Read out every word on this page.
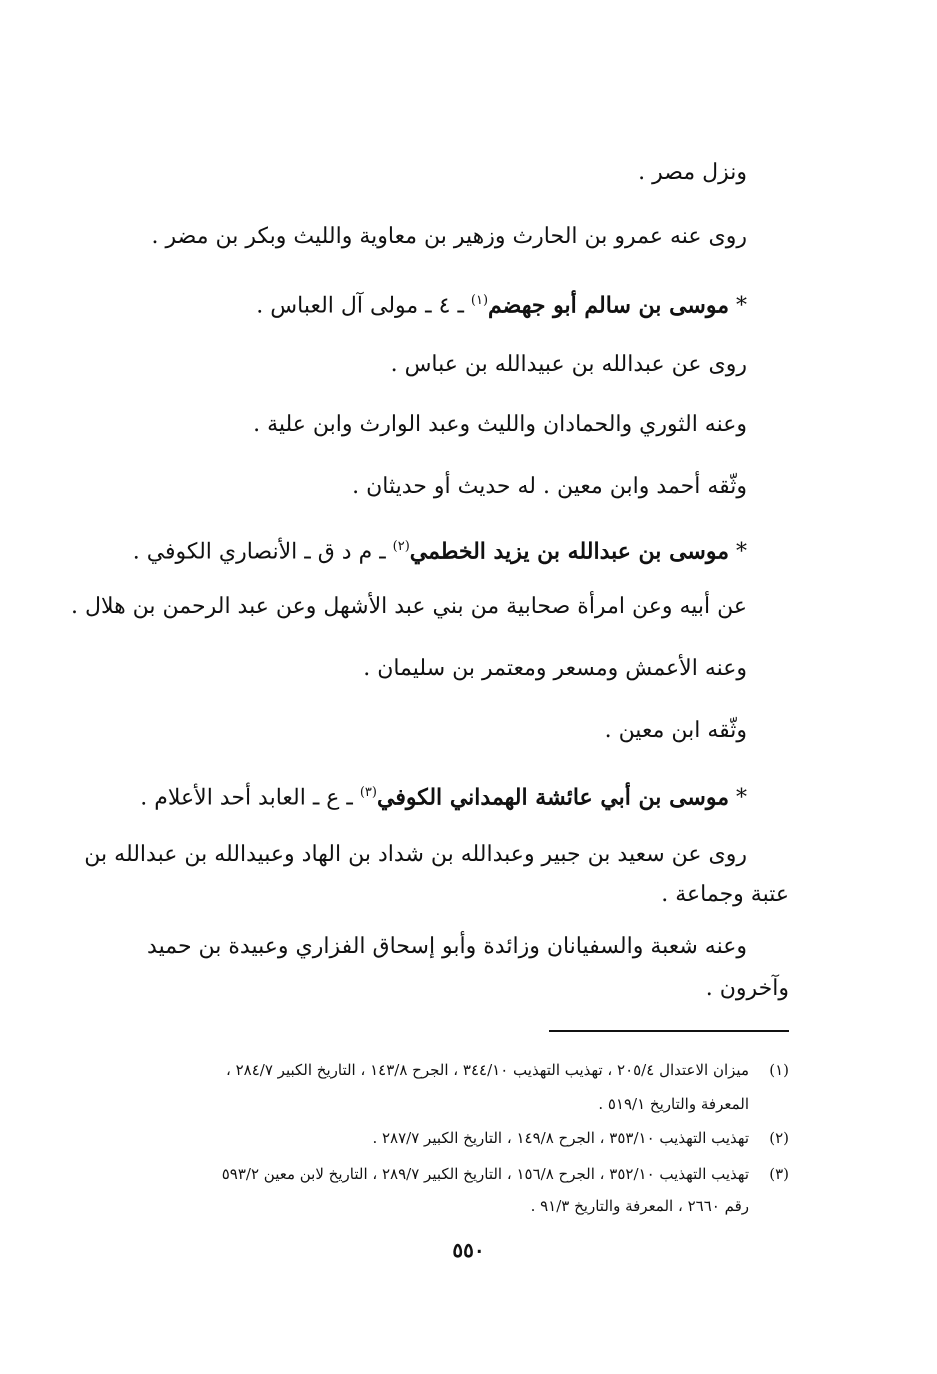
ونزل مصر .
روى عنه عمرو بن الحارث وزهير بن معاوية والليث وبكر بن مضر .
* موسى بن سالم أبو جهضم$^{(١)}$ ـ ٤ ـ مولى آل العباس .
روى عن عبدالله بن عبيدالله بن عباس .
وعنه الثوري والحمادان والليث وعبد الوارث وابن علية .
وثّقه أحمد وابن معين . له حديث أو حديثان .
* موسى بن عبدالله بن يزيد الخطمي$^{(٢)}$ ـ م د ق ـ الأنصاري الكوفي .
عن أبيه وعن امرأة صحابية من بني عبد الأشهل وعن عبد الرحمن بن هلال .
وعنه الأعمش ومسعر ومعتمر بن سليمان .
وثّقه ابن معين .
* موسى بن أبي عائشة الهمداني الكوفي$^{(٣)}$ ـ ع ـ العابد أحد الأعلام .
روى عن سعيد بن جبير وعبدالله بن شداد بن الهاد وعبيدالله بن عبدالله بن
عتبة وجماعة .
وعنه شعبة والسفيانان وزائدة وأبو إسحاق الفزاري وعبيدة بن حميد
وآخرون .
(١)ميزان الاعتدال ٢٠٥/٤ ، تهذيب التهذيب ٣٤٤/١٠ ، الجرح ١٤٣/٨ ، التاريخ الكبير ٢٨٤/٧ ،
المعرفة والتاريخ ٥١٩/١ .
(٢)تهذيب التهذيب ٣٥٣/١٠ ، الجرح ١٤٩/٨ ، التاريخ الكبير ٢٨٧/٧ .
(٣)تهذيب التهذيب ٣٥٢/١٠ ، الجرح ١٥٦/٨ ، التاريخ الكبير ٢٨٩/٧ ، التاريخ لابن معين ٥٩٣/٢
رقم ٢٦٦٠ ، المعرفة والتاريخ ٩١/٣ .
٥٥٠
